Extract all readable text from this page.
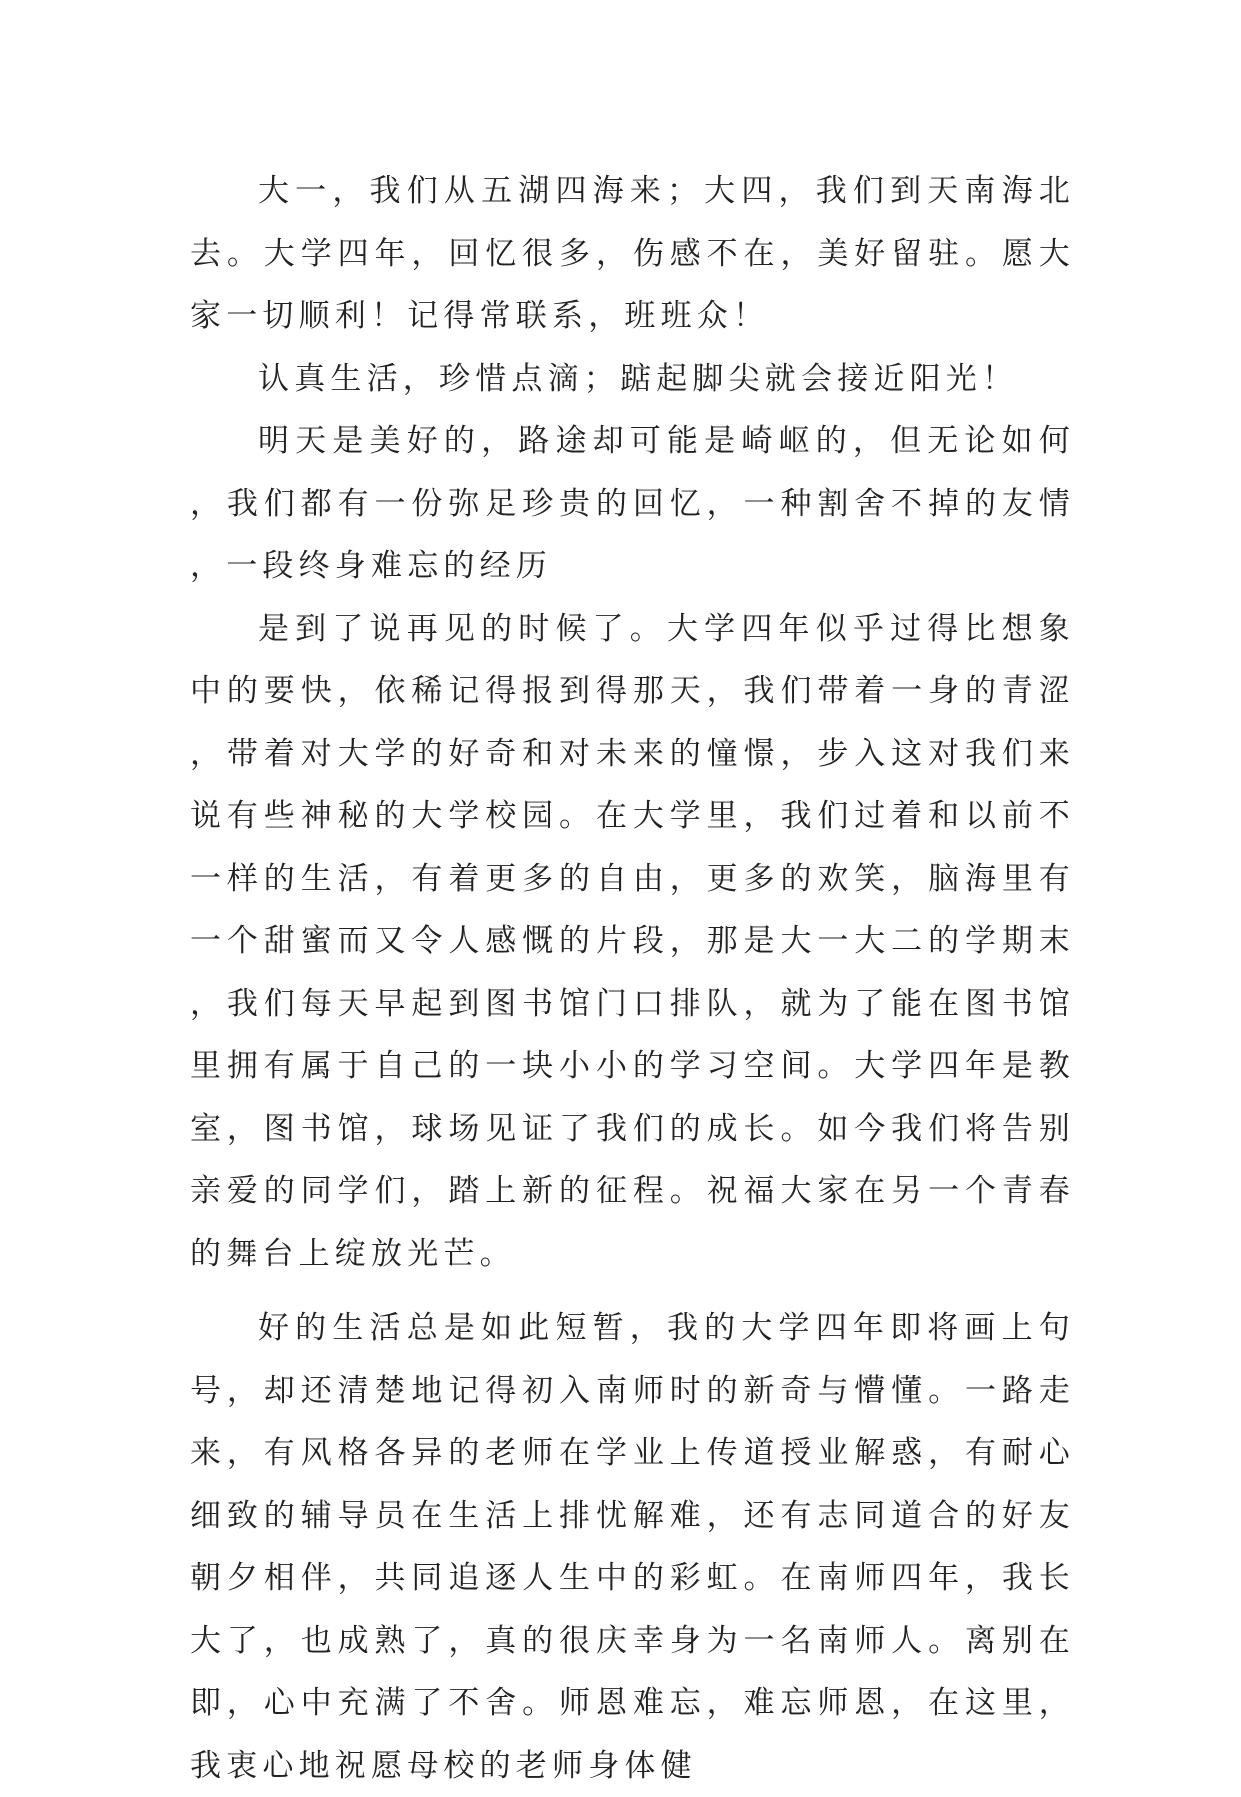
大一，我们从五湖四海来；大四，我们到天南海北去。大学四年，回忆很多，伤感不在，美好留驻。愿大家一切顺利！记得常联系，班班众！

认真生活，珍惜点滴；踮起脚尖就会接近阳光！

明天是美好的，路途却可能是崎岖的，但无论如何，我们都有一份弥足珍贵的回忆，一种割舍不掉的友情，一段终身难忘的经历

是到了说再见的时候了。大学四年似乎过得比想象中的要快，依稀记得报到得那天，我们带着一身的青涩，带着对大学的好奇和对未来的憧憬，步入这对我们来说有些神秘的大学校园。在大学里，我们过着和以前不一样的生活，有着更多的自由，更多的欢笑，脑海里有一个甜蜜而又令人感慨的片段，那是大一大二的学期末，我们每天早起到图书馆门口排队，就为了能在图书馆里拥有属于自己的一块小小的学习空间。大学四年是教室，图书馆，球场见证了我们的成长。如今我们将告别亲爱的同学们，踏上新的征程。祝福大家在另一个青春的舞台上绽放光芒。

好的生活总是如此短暂，我的大学四年即将画上句号，却还清楚地记得初入南师时的新奇与懵懂。一路走来，有风格各异的老师在学业上传道授业解惑，有耐心细致的辅导员在生活上排忧解难，还有志同道合的好友朝夕相伴，共同追逐人生中的彩虹。在南师四年，我长大了，也成熟了，真的很庆幸身为一名南师人。离别在即，心中充满了不舍。师恩难忘，难忘师恩，在这里，我衷心地祝愿母校的老师身体健
